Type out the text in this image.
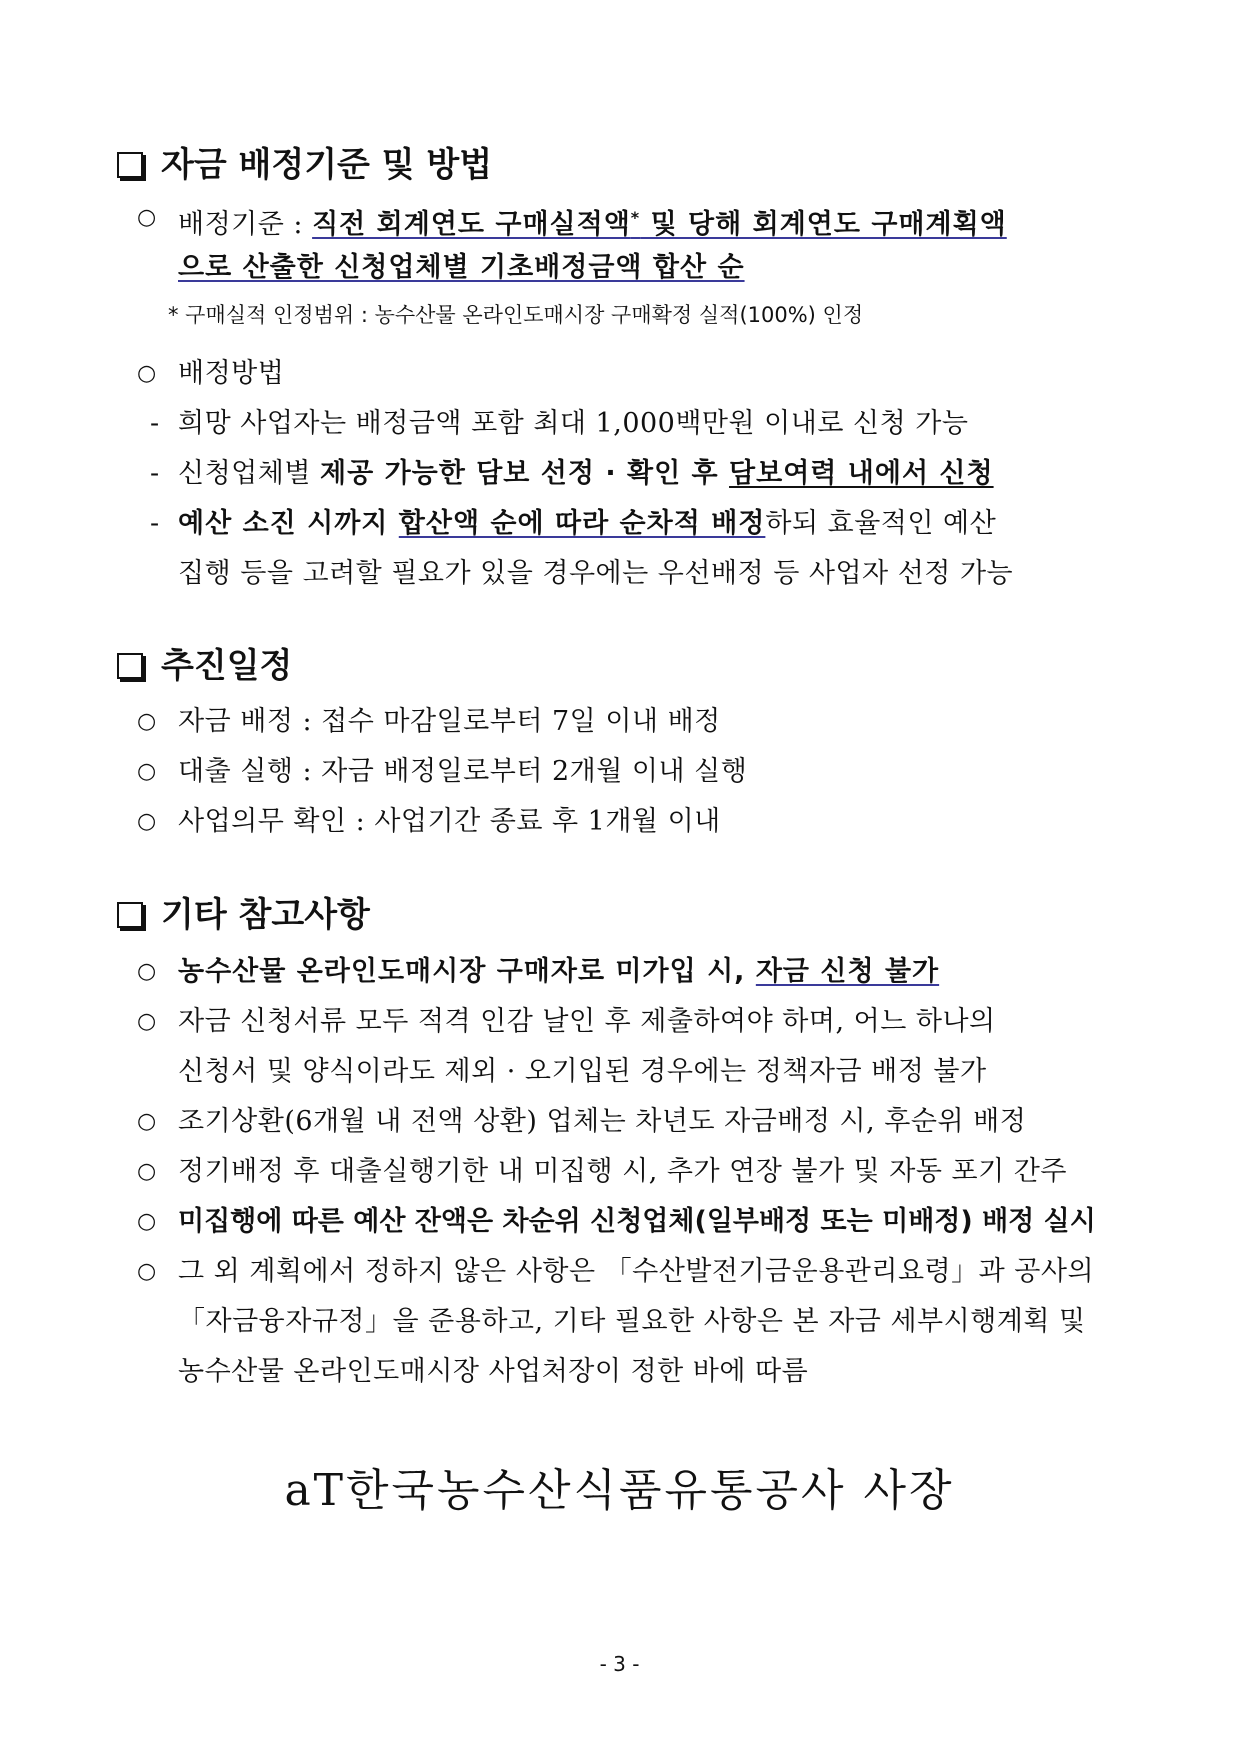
자금 배정기준 및 방법
○ 배정기준 : 직전 회계연도 구매실적액* 및 당해 회계연도 구매계획액
으로 산출한 신청업체별 기초배정금액 합산 순
* 구매실적 인정범위 : 농수산물 온라인도매시장 구매확정 실적(100%) 인정
○ 배정방법
- 희망 사업자는 배정금액 포함 최대 1,000백만원 이내로 신청 가능
- 신청업체별 제공 가능한 담보 선정 · 확인 후 담보여력 내에서 신청
- 예산 소진 시까지 합산액 순에 따라 순차적 배정하되 효율적인 예산
집행 등을 고려할 필요가 있을 경우에는 우선배정 등 사업자 선정 가능
추진일정
○ 자금 배정 : 접수 마감일로부터 7일 이내 배정
○ 대출 실행 : 자금 배정일로부터 2개월 이내 실행
○ 사업의무 확인 : 사업기간 종료 후 1개월 이내
기타 참고사항
○ 농수산물 온라인도매시장 구매자로 미가입 시, 자금 신청 불가
○ 자금 신청서류 모두 적격 인감 날인 후 제출하여야 하며, 어느 하나의
신청서 및 양식이라도 제외 · 오기입된 경우에는 정책자금 배정 불가
○ 조기상환(6개월 내 전액 상환) 업체는 차년도 자금배정 시, 후순위 배정
○ 정기배정 후 대출실행기한 내 미집행 시, 추가 연장 불가 및 자동 포기 간주
○ 미집행에 따른 예산 잔액은 차순위 신청업체(일부배정 또는 미배정) 배정 실시
○ 그 외 계획에서 정하지 않은 사항은 「수산발전기금운용관리요령」과 공사의
「자금융자규정」을 준용하고, 기타 필요한 사항은 본 자금 세부시행계획 및
농수산물 온라인도매시장 사업처장이 정한 바에 따름
aT한국농수산식품유통공사 사장
- 3 -
